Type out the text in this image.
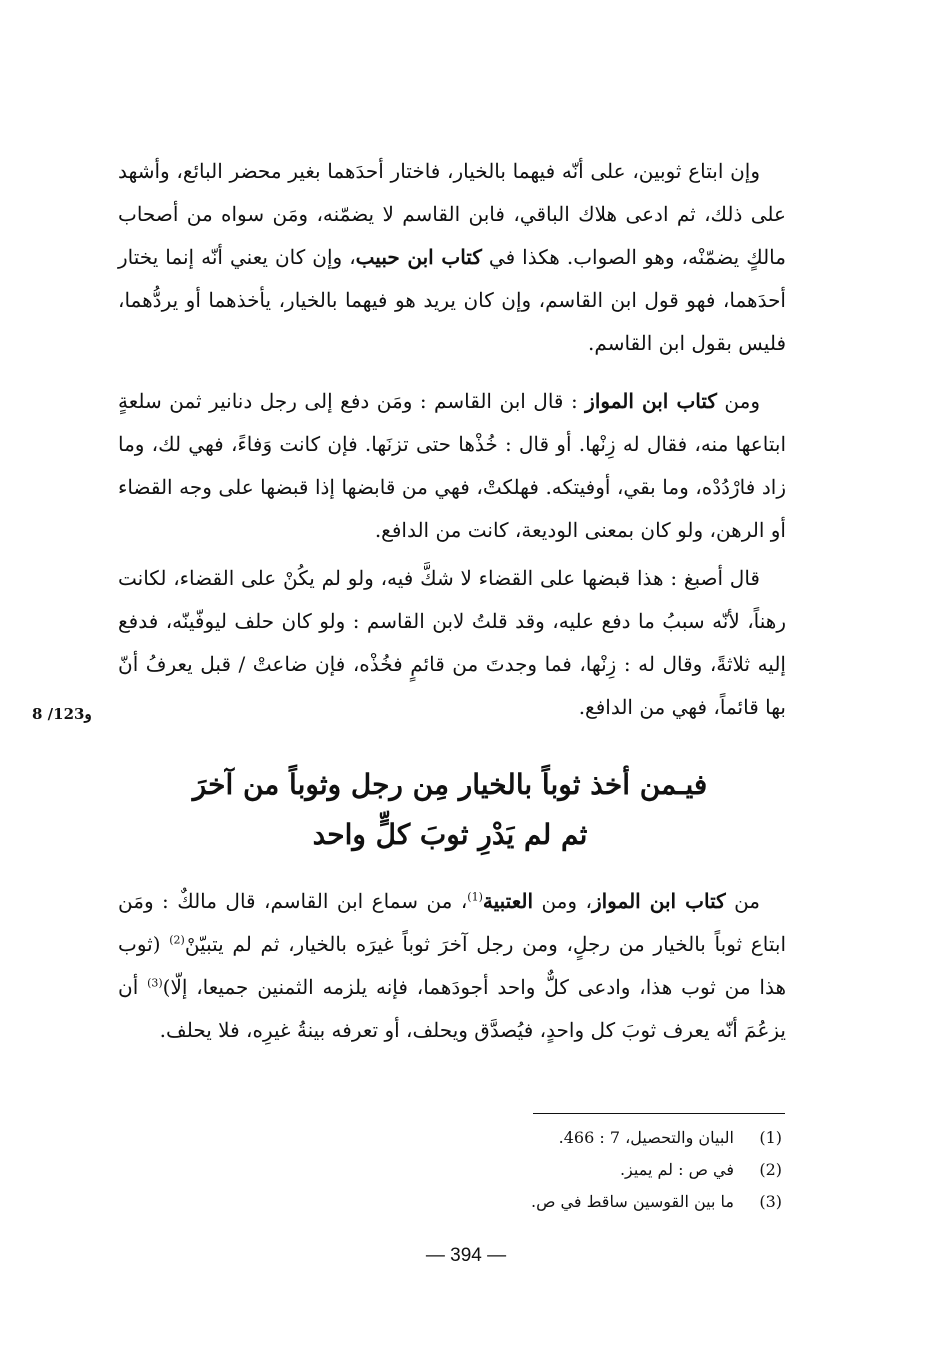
وإن ابتاع ثوبين، على أنّه فيهما بالخيار، فاختار أحدَهما بغير محضر البائع، وأشهد على ذلك، ثم ادعى هلاك الباقي، فابن القاسم لا يضمّنه، ومَن سواه من أصحاب مالكٍ يضمّنْه، وهو الصواب. هكذا في كتاب ابن حبيب، وإن كان يعني أنّه إنما يختار أحدَهما، فهو قول ابن القاسم، وإن كان يريد هو فيهما بالخيار، يأخذهما أو يردُّهما، فليس بقول ابن القاسم.

ومن كتاب ابن المواز : قال ابن القاسم : ومَن دفع إلى رجل دنانير ثمن سلعةٍ ابتاعها منه، فقال له زِنْها. أو قال : خُذْها حتى تزنَها. فإن كانت وَفاءً، فهي لك، وما زاد فارْدُدْه، وما بقي، أوفيتكه. فهلكتْ، فهي من قابضها إذا قبضها على وجه القضاء أو الرهن، ولو كان بمعنى الوديعة، كانت من الدافع.

قال أصبغ : هذا قبضها على القضاء لا شكَّ فيه، ولو لم يكُنْ على القضاء، لكانت رهناً، لأنّه سببُ ما دفع عليه، وقد قلتُ لابن القاسم : ولو كان حلف ليوفّينّه، فدفع إليه ثلاثةً، وقال له : زِنْها، فما وجدتَ من قائمٍ فخُذْه، فإن ضاعتْ / قبل يعرفُ أنّ بها قائماً، فهي من الدافع.

8 /123و
فيـمن أخذ ثوباً بالخيار مِن رجل وثوباً من آخرَ
ثم لم يَدْرِ ثوبَ كلٍّ واحد

من كتاب ابن المواز، ومن العتبية$^{(1)}$، من سماع ابن القاسم، قال مالكٌ : ومَن ابتاع ثوباً بالخيار من رجلٍ، ومن رجل آخرَ ثوباً غيرَه بالخيار، ثم لم يتبيّنْ$^{(2)}$ (ثوب هذا من ثوب هذا، وادعى كلٌّ واحد أجودَهما، فإنه يلزمه الثمنين جميعا، إلّا)$^{(3)}$ أن يزعُمَ أنّه يعرف ثوبَ كل واحدٍ، فيُصدَّق ويحلف، أو تعرفه بينةُ غيرِه، فلا يحلف.

(1)
البيان والتحصيل، 7 : 466.
(2)
في ص : لم يميز.
(3)
ما بين القوسين ساقط في ص.
— 394 —
